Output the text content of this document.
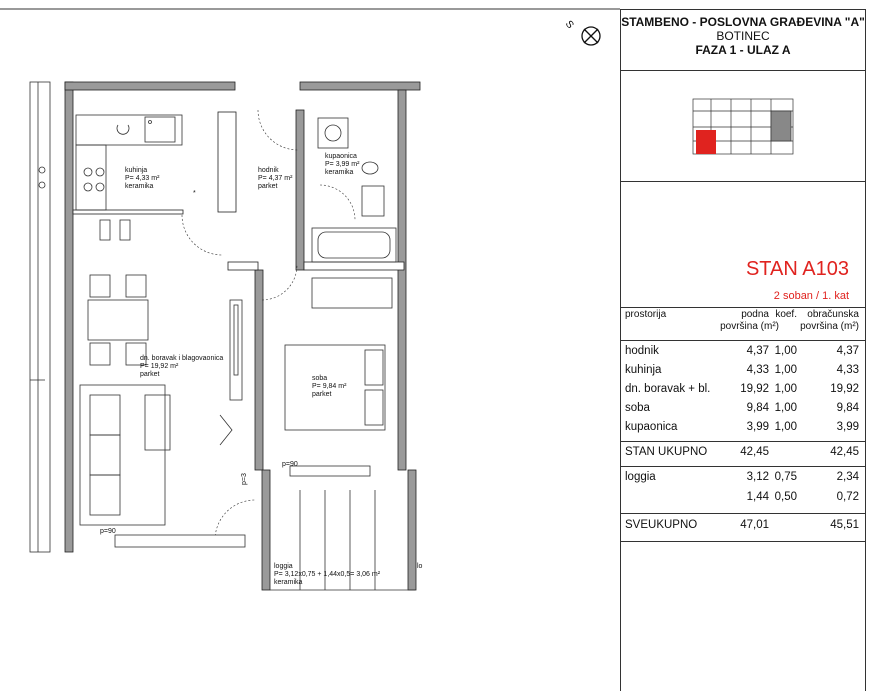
S
kuhinja
P= 4,33 m²
keramika
*
hodnik
P= 4,37 m²
parket
kupaonica
P= 3,99 m²
keramika
dn. boravak i blagovaonica
P= 19,92 m²
parket
soba
P= 9,84 m²
parket
loggia
P= 3,12x0,75 + 1,44x0,5= 3,06 m²
keramika
p=90
p=90
p=3
lo
STAMBENO - POSLOVNA GRAĐEVINA "A"
BOTINEC
FAZA 1 - ULAZ A
STAN A103
2 soban / 1. kat
prostorija	podna koef. obračunska
površina (m²) površina (m²)
hodnik	4,37 1,00	4,37
kuhinja	4,33 1,00	4,33
dn. boravak + bl.	19,92 1,00	19,92
soba	9,84 1,00	9,84
kupaonica	3,99 1,00	3,99
STAN UKUPNO	42,45	42,45
loggia	3,12 0,75	2,34
1,44 0,50	0,72
SVEUKUPNO	47,01	45,51
